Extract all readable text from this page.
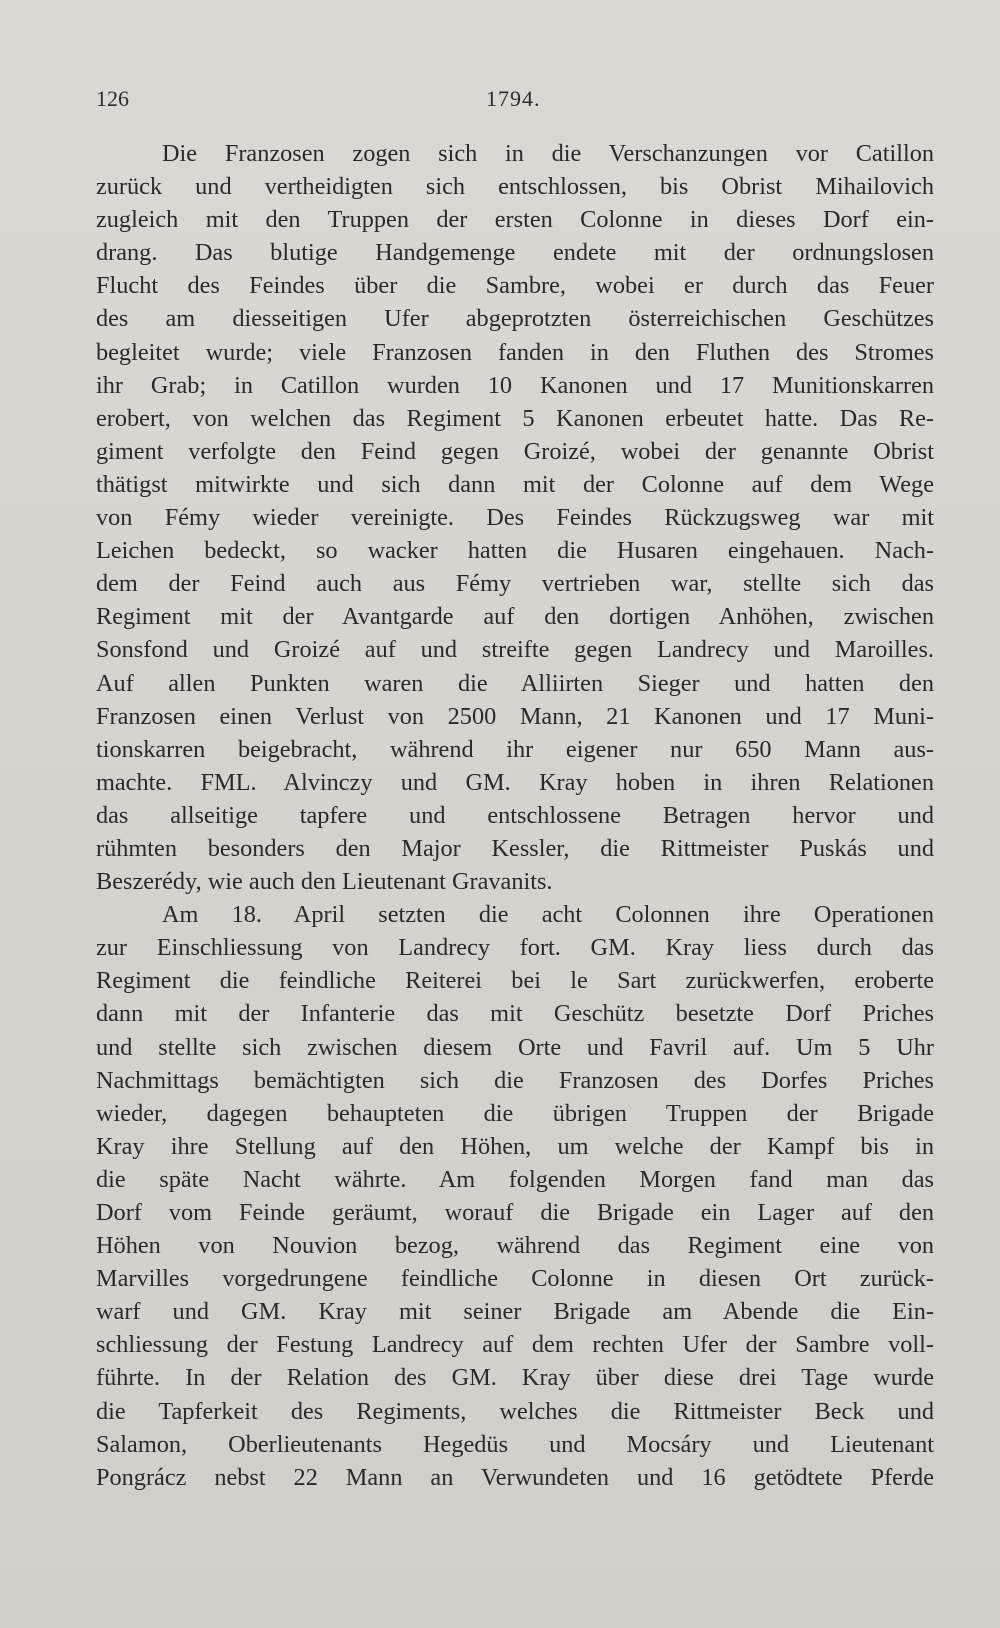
126	1794.
Die Franzosen zogen sich in die Verschanzungen vor Catillon
zurück und vertheidigten sich entschlossen, bis Obrist Mihailovich
zugleich mit den Truppen der ersten Colonne in dieses Dorf ein-
drang. Das blutige Handgemenge endete mit der ordnungslosen
Flucht des Feindes über die Sambre, wobei er durch das Feuer
des am diesseitigen Ufer abgeprotzten österreichischen Geschützes
begleitet wurde; viele Franzosen fanden in den Fluthen des Stromes
ihr Grab; in Catillon wurden 10 Kanonen und 17 Munitionskarren
erobert, von welchen das Regiment 5 Kanonen erbeutet hatte. Das Re-
giment verfolgte den Feind gegen Groizé, wobei der genannte Obrist
thätigst mitwirkte und sich dann mit der Colonne auf dem Wege
von Fémy wieder vereinigte. Des Feindes Rückzugsweg war mit
Leichen bedeckt, so wacker hatten die Husaren eingehauen. Nach-
dem der Feind auch aus Fémy vertrieben war, stellte sich das
Regiment mit der Avantgarde auf den dortigen Anhöhen, zwischen
Sonsfond und Groizé auf und streifte gegen Landrecy und Maroilles.
Auf allen Punkten waren die Alliirten Sieger und hatten den
Franzosen einen Verlust von 2500 Mann, 21 Kanonen und 17 Muni-
tionskarren beigebracht, während ihr eigener nur 650 Mann aus-
machte. FML. Alvinczy und GM. Kray hoben in ihren Relationen
das allseitige tapfere und entschlossene Betragen hervor und
rühmten besonders den Major Kessler, die Rittmeister Puskás und
Beszerédy, wie auch den Lieutenant Gravanits.
Am 18. April setzten die acht Colonnen ihre Operationen
zur Einschliessung von Landrecy fort. GM. Kray liess durch das
Regiment die feindliche Reiterei bei le Sart zurückwerfen, eroberte
dann mit der Infanterie das mit Geschütz besetzte Dorf Priches
und stellte sich zwischen diesem Orte und Favril auf. Um 5 Uhr
Nachmittags bemächtigten sich die Franzosen des Dorfes Priches
wieder, dagegen behaupteten die übrigen Truppen der Brigade
Kray ihre Stellung auf den Höhen, um welche der Kampf bis in
die späte Nacht währte. Am folgenden Morgen fand man das
Dorf vom Feinde geräumt, worauf die Brigade ein Lager auf den
Höhen von Nouvion bezog, während das Regiment eine von
Marvilles vorgedrungene feindliche Colonne in diesen Ort zurück-
warf und GM. Kray mit seiner Brigade am Abende die Ein-
schliessung der Festung Landrecy auf dem rechten Ufer der Sambre voll-
führte. In der Relation des GM. Kray über diese drei Tage wurde
die Tapferkeit des Regiments, welches die Rittmeister Beck und
Salamon, Oberlieutenants Hegedüs und Mocsáry und Lieutenant
Pongrácz nebst 22 Mann an Verwundeten und 16 getödtete Pferde
